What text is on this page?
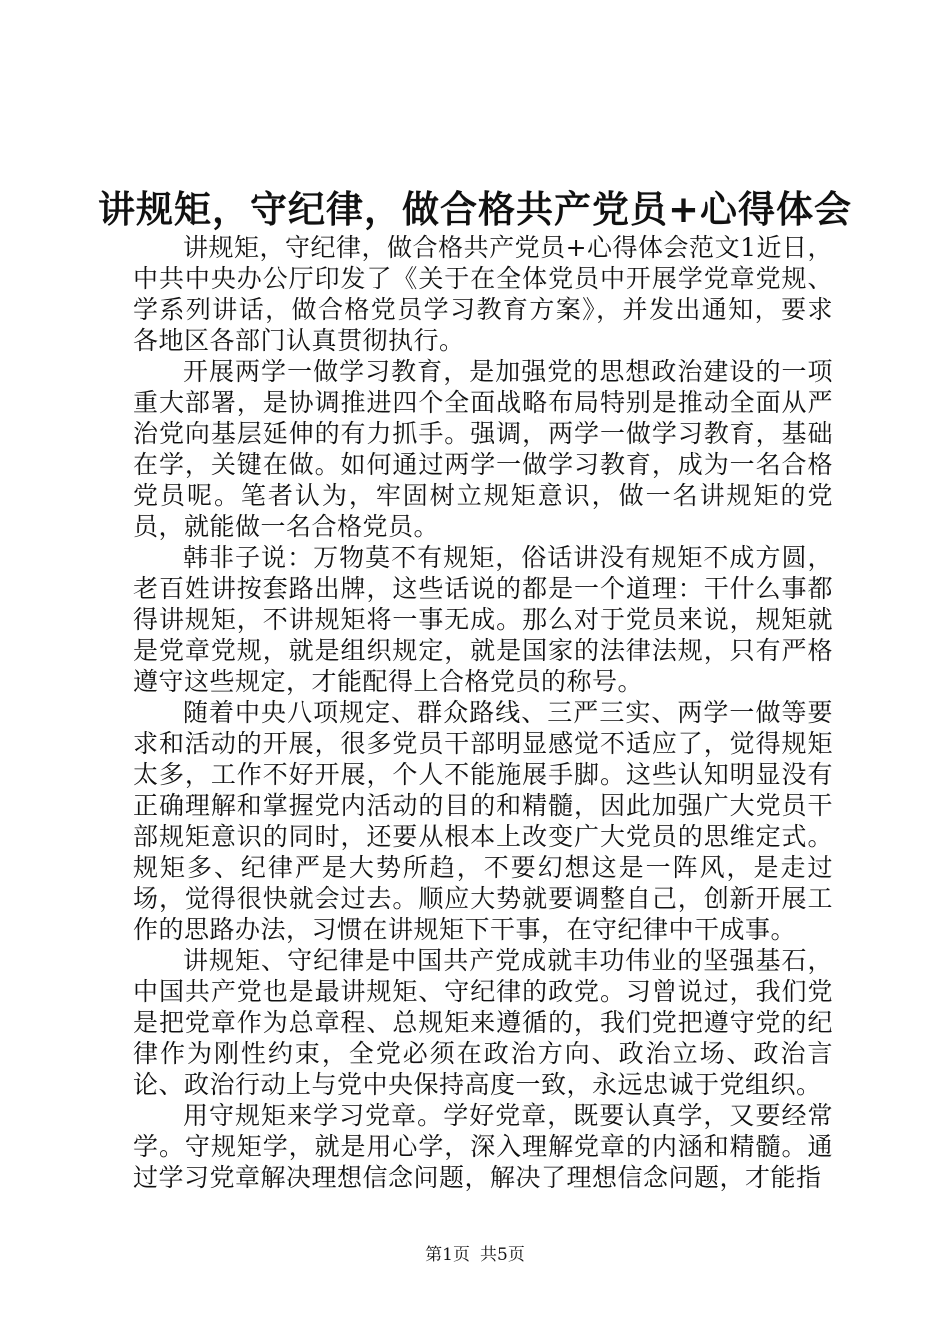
讲规矩，守纪律，做合格共产党员+心得体会

讲规矩，守纪律，做合格共产党员+心得体会范文1近日，中共中央办公厅印发了《关于在全体党员中开展学党章党规、学系列讲话，做合格党员学习教育方案》，并发出通知，要求各地区各部门认真贯彻执行。

开展两学一做学习教育，是加强党的思想政治建设的一项重大部署，是协调推进四个全面战略布局特别是推动全面从严治党向基层延伸的有力抓手。强调，两学一做学习教育，基础在学，关键在做。如何通过两学一做学习教育，成为一名合格党员呢。笔者认为，牢固树立规矩意识，做一名讲规矩的党员，就能做一名合格党员。

韩非子说：万物莫不有规矩，俗话讲没有规矩不成方圆，老百姓讲按套路出牌，这些话说的都是一个道理：干什么事都得讲规矩，不讲规矩将一事无成。那么对于党员来说，规矩就是党章党规，就是组织规定，就是国家的法律法规，只有严格遵守这些规定，才能配得上合格党员的称号。

随着中央八项规定、群众路线、三严三实、两学一做等要求和活动的开展，很多党员干部明显感觉不适应了，觉得规矩太多，工作不好开展，个人不能施展手脚。这些认知明显没有正确理解和掌握党内活动的目的和精髓，因此加强广大党员干部规矩意识的同时，还要从根本上改变广大党员的思维定式。规矩多、纪律严是大势所趋，不要幻想这是一阵风，是走过场，觉得很快就会过去。顺应大势就要调整自己，创新开展工作的思路办法，习惯在讲规矩下干事，在守纪律中干成事。

讲规矩、守纪律是中国共产党成就丰功伟业的坚强基石，中国共产党也是最讲规矩、守纪律的政党。习曾说过，我们党是把党章作为总章程、总规矩来遵循的，我们党把遵守党的纪律作为刚性约束，全党必须在政治方向、政治立场、政治言论、政治行动上与党中央保持高度一致，永远忠诚于党组织。

用守规矩来学习党章。学好党章，既要认真学，又要经常学。守规矩学，就是用心学，深入理解党章的内涵和精髓。通过学习党章解决理想信念问题，解决了理想信念问题，才能指

第1页 共5页
